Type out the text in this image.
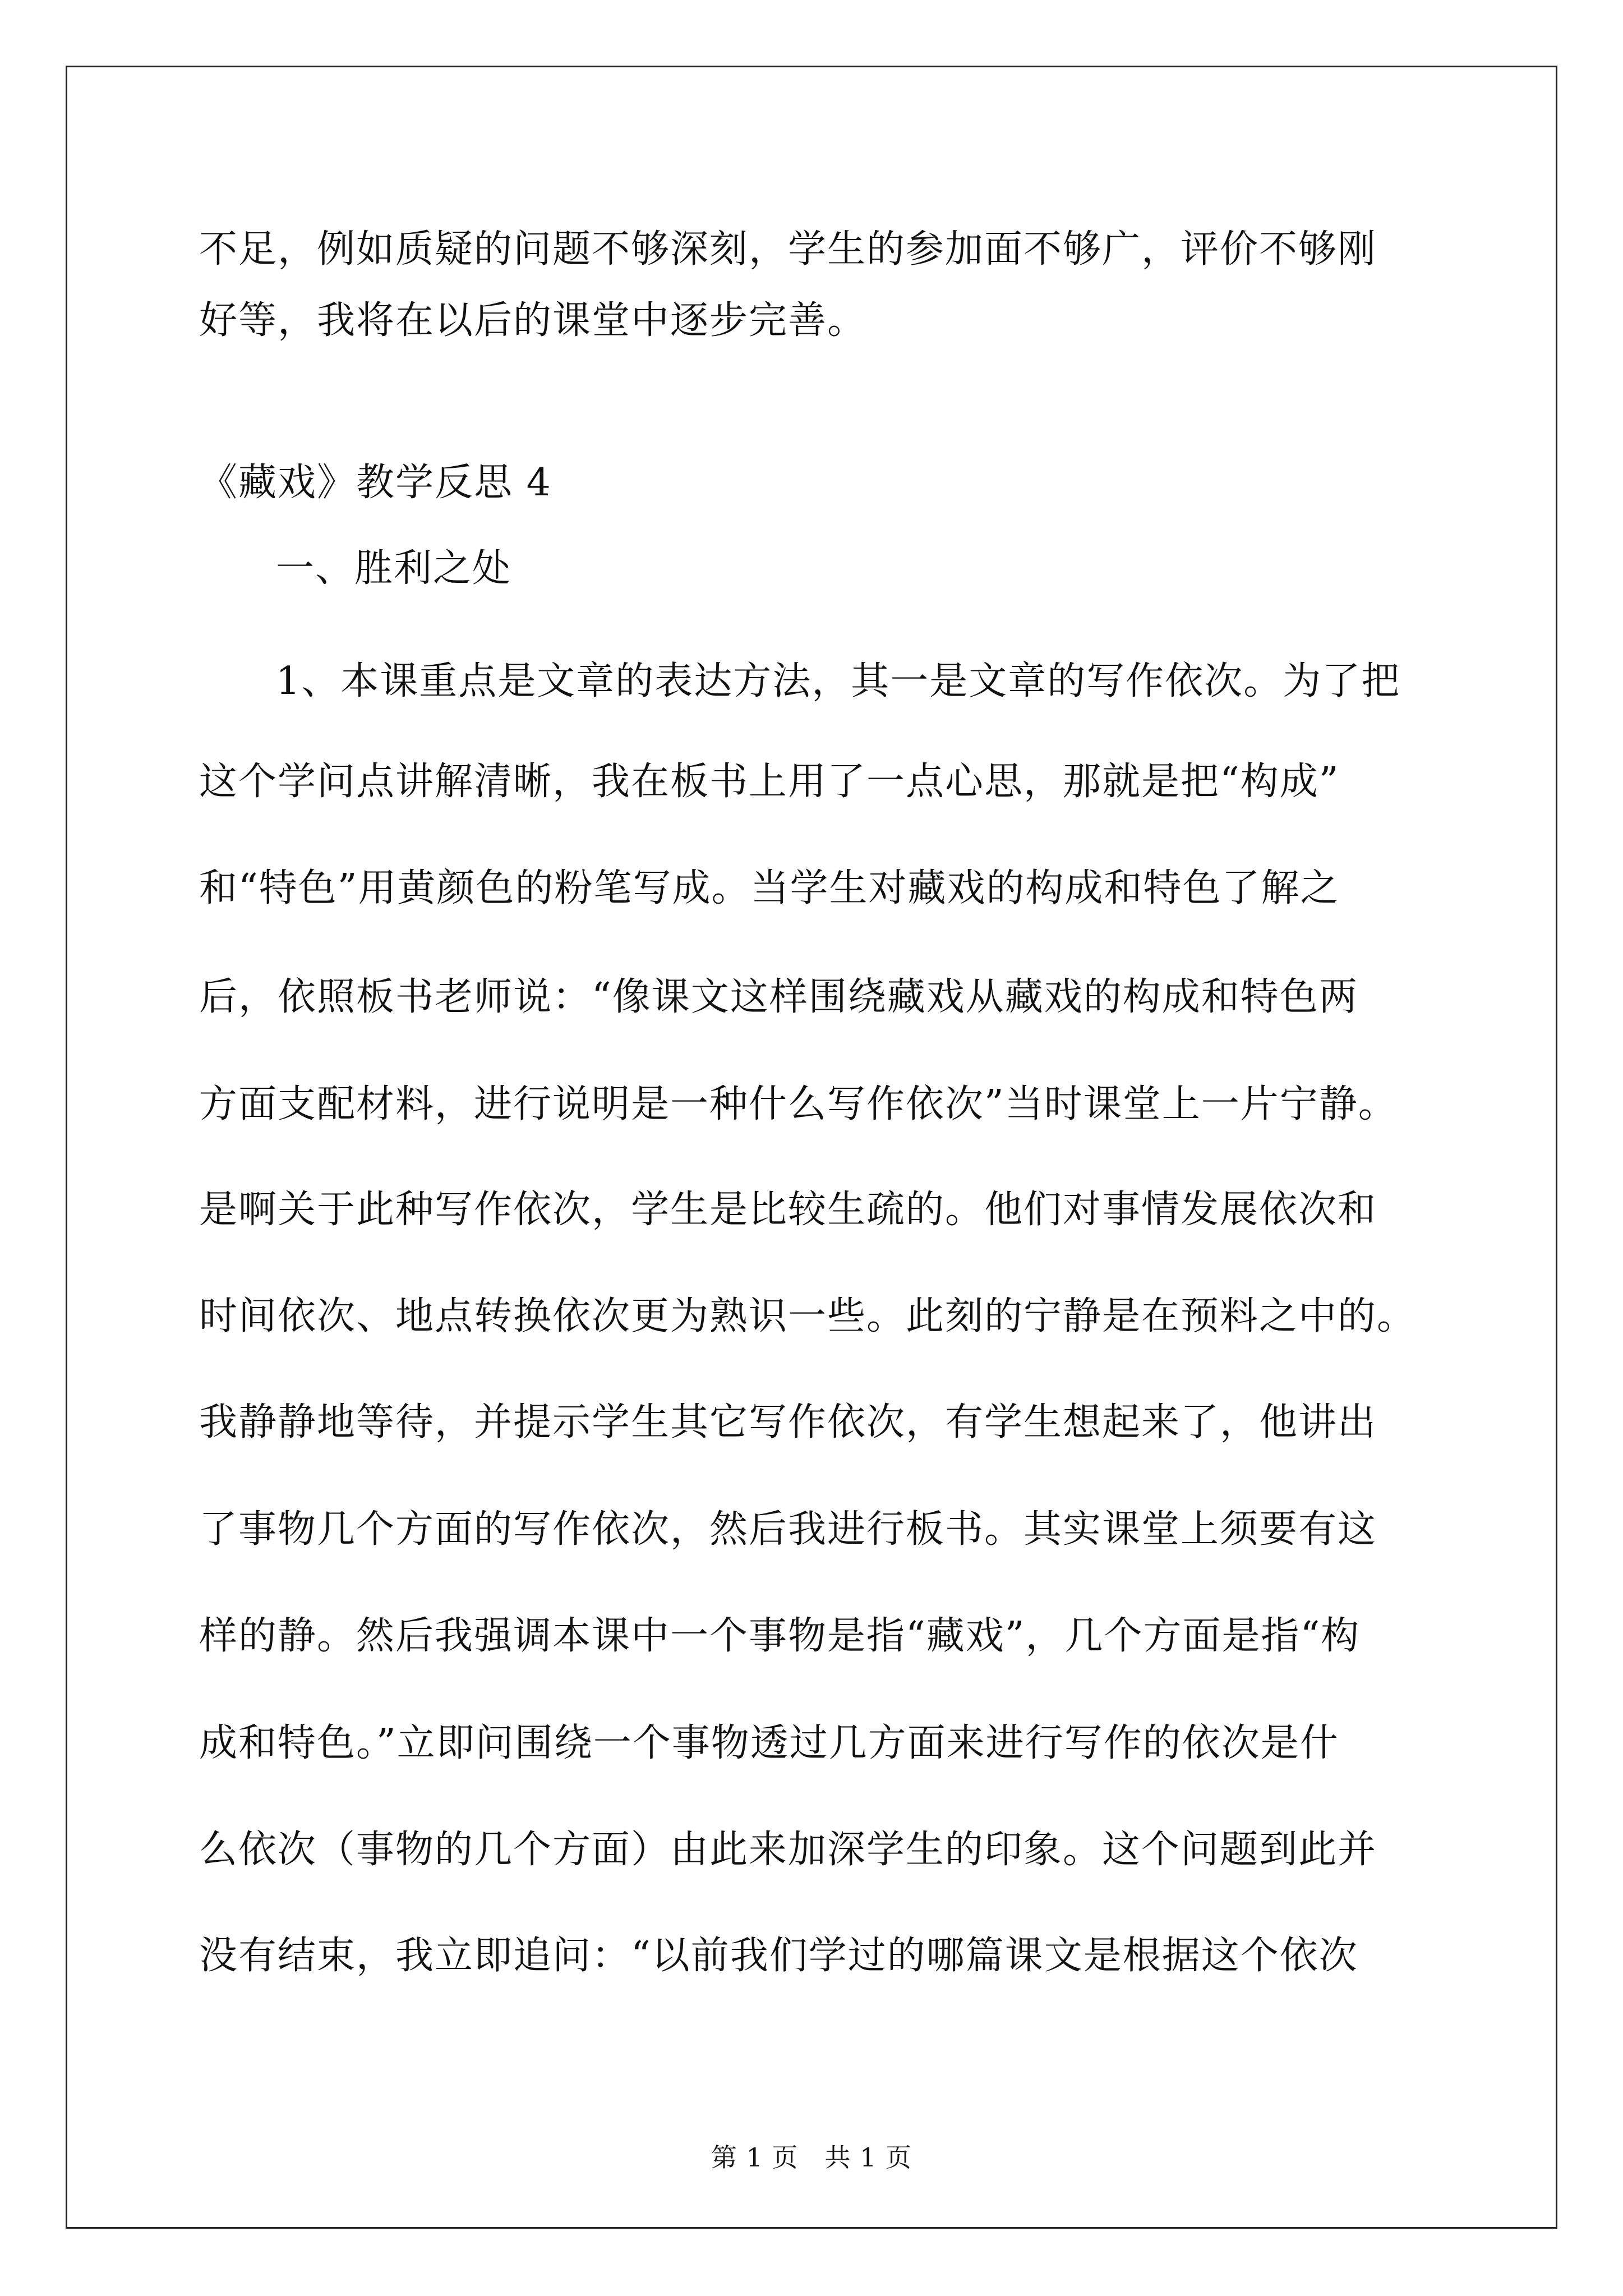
不足，例如质疑的问题不够深刻，学生的参加面不够广，评价不够刚

好等，我将在以后的课堂中逐步完善。

《藏戏》教学反思 4

一、胜利之处

1、本课重点是文章的表达方法，其一是文章的写作依次。为了把

这个学问点讲解清晰，我在板书上用了一点心思，那就是把“构成”

和“特色”用黄颜色的粉笔写成。当学生对藏戏的构成和特色了解之

后，依照板书老师说：“像课文这样围绕藏戏从藏戏的构成和特色两

方面支配材料，进行说明是一种什么写作依次”当时课堂上一片宁静。

是啊关于此种写作依次，学生是比较生疏的。他们对事情发展依次和

时间依次、地点转换依次更为熟识一些。此刻的宁静是在预料之中的。

我静静地等待，并提示学生其它写作依次，有学生想起来了，他讲出

了事物几个方面的写作依次，然后我进行板书。其实课堂上须要有这

样的静。然后我强调本课中一个事物是指“藏戏”，几个方面是指“构

成和特色。”立即问围绕一个事物透过几方面来进行写作的依次是什

么依次（事物的几个方面）由此来加深学生的印象。这个问题到此并

没有结束，我立即追问：“以前我们学过的哪篇课文是根据这个依次

第 1 页　共 1 页
